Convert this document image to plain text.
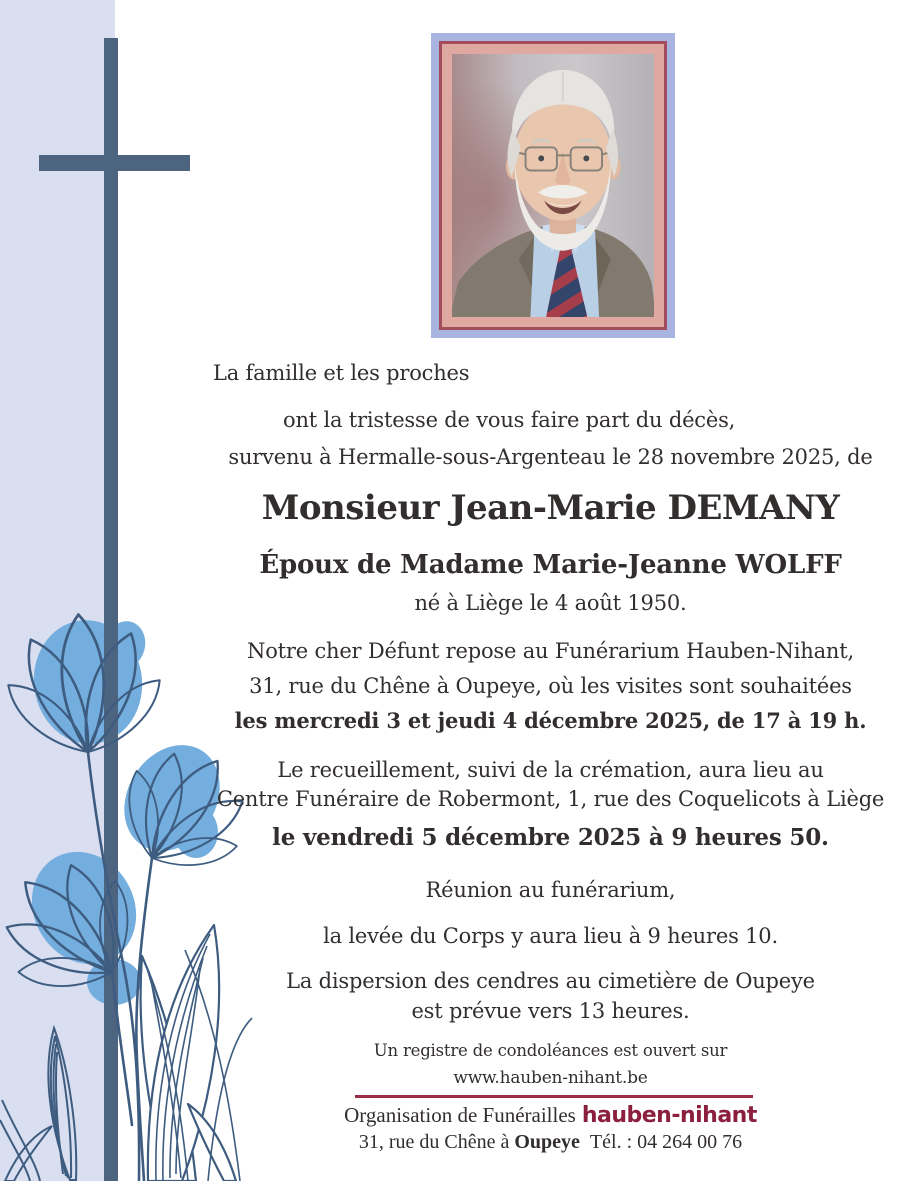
La famille et les proches

ont la tristesse de vous faire part du décès,

survenu à Hermalle-sous-Argenteau le 28 novembre 2025, de

Monsieur Jean-Marie DEMANY

Époux de Madame Marie-Jeanne WOLFF

né à Liège le 4 août 1950.

Notre cher Défunt repose au Funérarium Hauben-Nihant,

31, rue du Chêne à Oupeye, où les visites sont souhaitées

les mercredi 3 et jeudi 4 décembre 2025, de 17 à 19 h.

Le recueillement, suivi de la crémation, aura lieu au

Centre Funéraire de Robermont, 1, rue des Coquelicots à Liège

le vendredi 5 décembre 2025 à 9 heures 50.

Réunion au funérarium,

la levée du Corps y aura lieu à 9 heures 10.

La dispersion des cendres au cimetière de Oupeye

est prévue vers 13 heures.

Un registre de condoléances est ouvert sur

www.hauben-nihant.be

Organisation de Funérailles hauben-nihant

31, rue du Chêne à Oupeye Tél. : 04 264 00 76
